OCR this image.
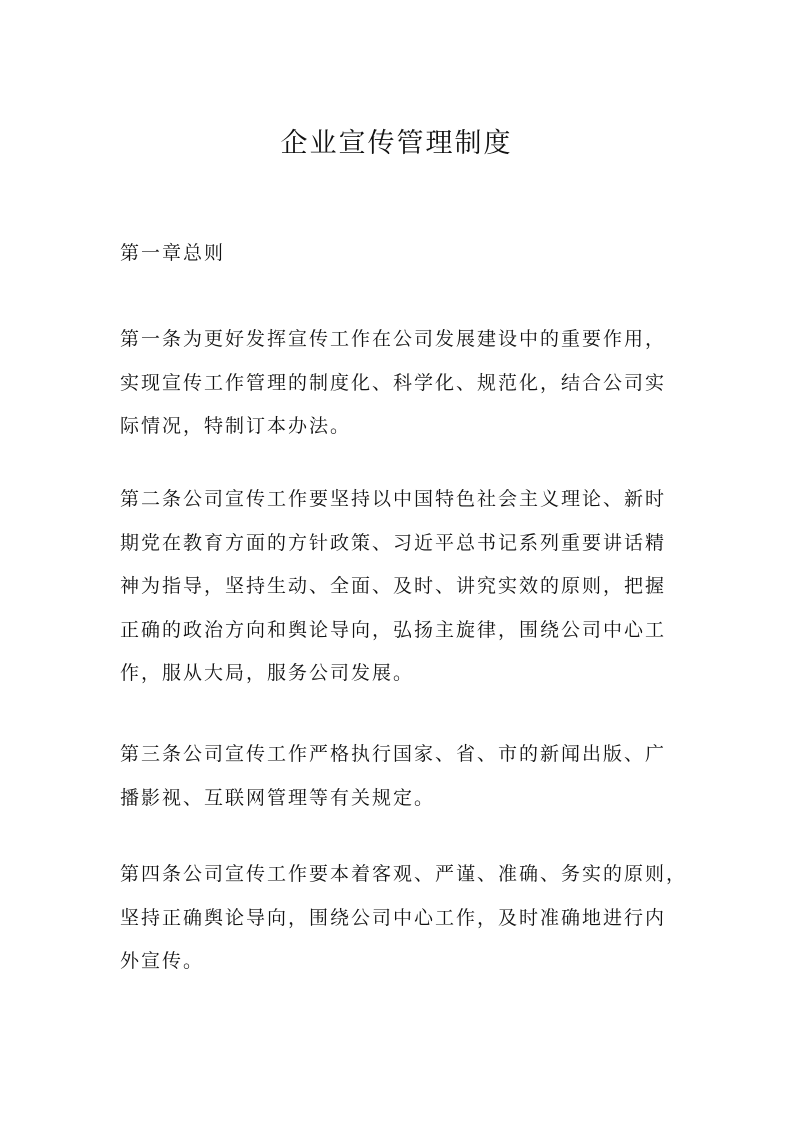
企业宣传管理制度

第一章总则

第一条为更好发挥宣传工作在公司发展建设中的重要作用，
实现宣传工作管理的制度化、科学化、规范化，结合公司实
际情况，特制订本办法。

第二条公司宣传工作要坚持以中国特色社会主义理论、新时
期党在教育方面的方针政策、习近平总书记系列重要讲话精
神为指导，坚持生动、全面、及时、讲究实效的原则，把握
正确的政治方向和舆论导向，弘扬主旋律，围绕公司中心工
作，服从大局，服务公司发展。

第三条公司宣传工作严格执行国家、省、市的新闻出版、广
播影视、互联网管理等有关规定。

第四条公司宣传工作要本着客观、严谨、准确、务实的原则，
坚持正确舆论导向，围绕公司中心工作，及时准确地进行内
外宣传。
